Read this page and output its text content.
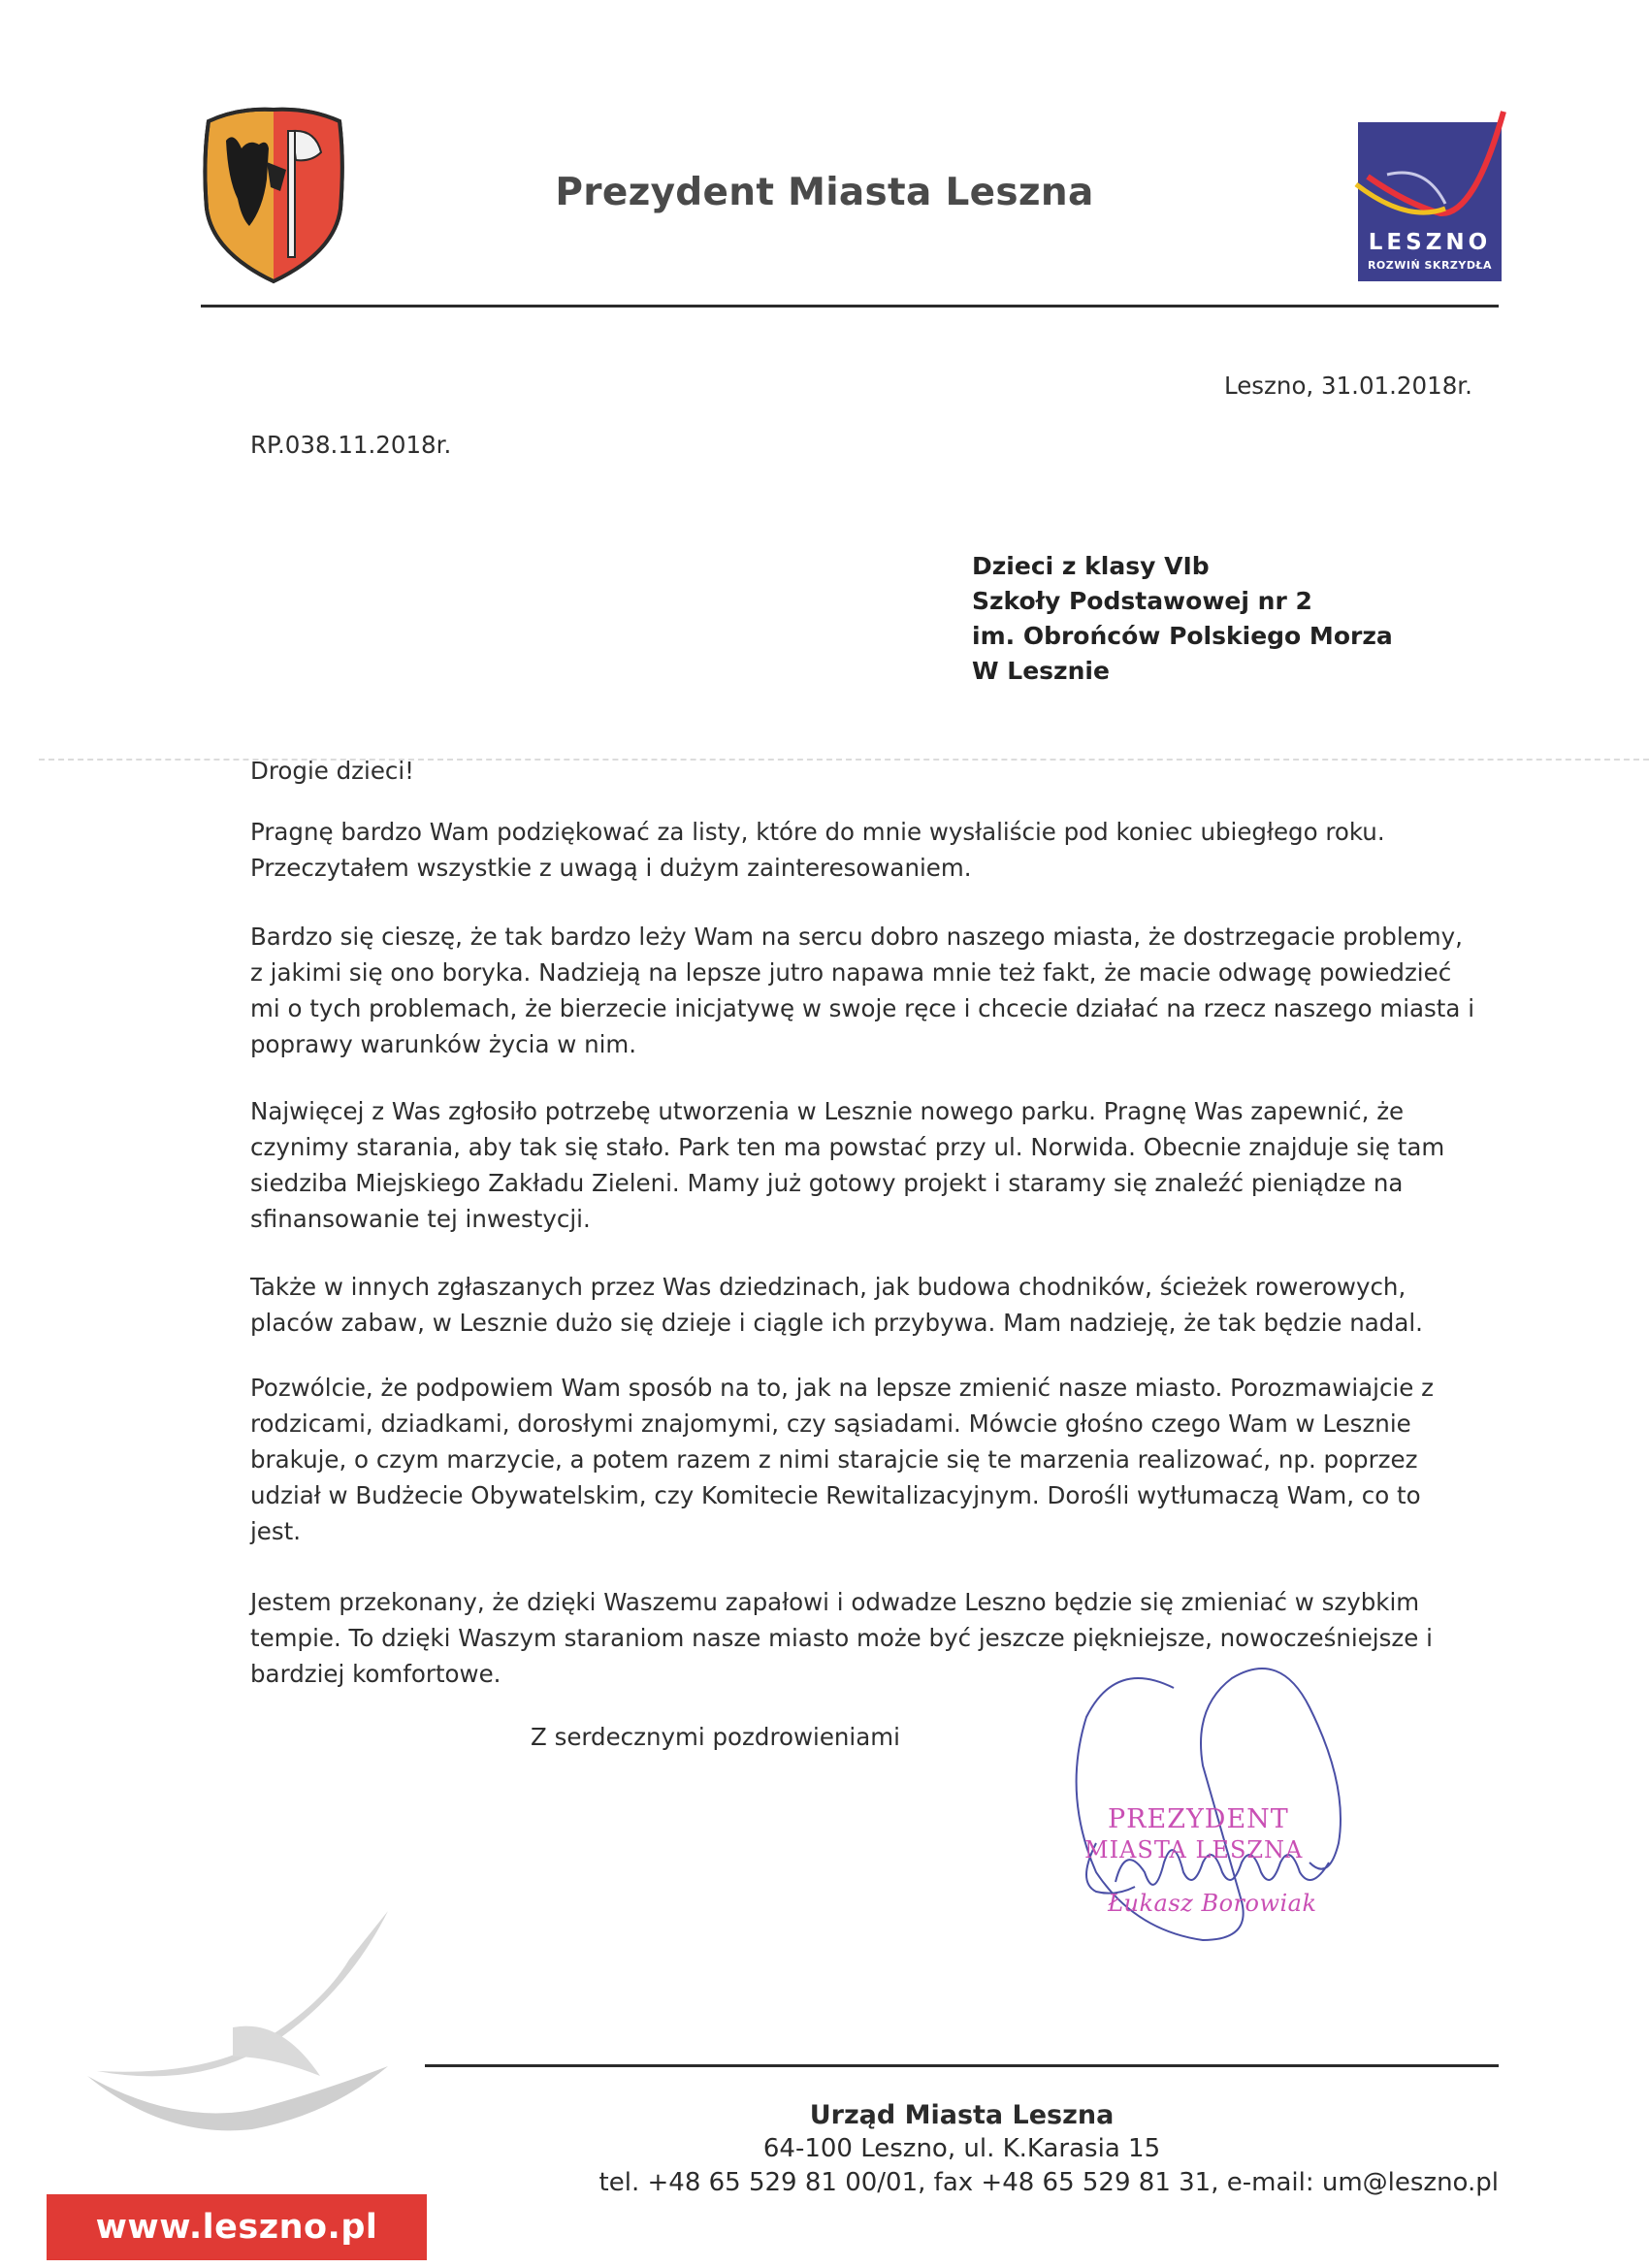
Prezydent Miasta Leszna
LESZNO
ROZWIŃ SKRZYDŁA
Leszno, 31.01.2018r.
RP.038.11.2018r.
Dzieci z klasy VIb
Szkoły Podstawowej nr 2
im. Obrońców Polskiego Morza
W Lesznie
Drogie dzieci!

Pragnę bardzo Wam podziękować za listy, które do mnie wysłaliście pod koniec ubiegłego roku.
Przeczytałem wszystkie z uwagą i dużym zainteresowaniem.

Bardzo się cieszę, że tak bardzo leży Wam na sercu dobro naszego miasta, że dostrzegacie problemy,
z jakimi się ono boryka. Nadzieją na lepsze jutro napawa mnie też fakt, że macie odwagę powiedzieć
mi o tych problemach, że bierzecie inicjatywę w swoje ręce i chcecie działać na rzecz naszego miasta i
poprawy warunków życia w nim.

Najwięcej z Was zgłosiło potrzebę utworzenia w Lesznie nowego parku. Pragnę Was zapewnić, że
czynimy starania, aby tak się stało. Park ten ma powstać przy ul. Norwida. Obecnie znajduje się tam
siedziba Miejskiego Zakładu Zieleni. Mamy już gotowy projekt i staramy się znaleźć pieniądze na
sfinansowanie tej inwestycji.

Także w innych zgłaszanych przez Was dziedzinach, jak budowa chodników, ścieżek rowerowych,
placów zabaw, w Lesznie dużo się dzieje i ciągle ich przybywa. Mam nadzieję, że tak będzie nadal.

Pozwólcie, że podpowiem Wam sposób na to, jak na lepsze zmienić nasze miasto. Porozmawiajcie z
rodzicami, dziadkami, dorosłymi znajomymi, czy sąsiadami. Mówcie głośno czego Wam w Lesznie
brakuje, o czym marzycie, a potem razem z nimi starajcie się te marzenia realizować, np. poprzez
udział w Budżecie Obywatelskim, czy Komitecie Rewitalizacyjnym. Dorośli wytłumaczą Wam, co to
jest.

Jestem przekonany, że dzięki Waszemu zapałowi i odwadze Leszno będzie się zmieniać w szybkim
tempie. To dzięki Waszym staraniom nasze miasto może być jeszcze piękniejsze, nowocześniejsze i
bardziej komfortowe.

Z serdecznymi pozdrowieniami
PREZYDENT
MIASTA LESZNA
Łukasz Borowiak
Urząd Miasta Leszna
64-100 Leszno, ul. K.Karasia 15
tel. +48 65 529 81 00/01, fax +48 65 529 81 31, e-mail: um@leszno.pl
www.leszno.pl
